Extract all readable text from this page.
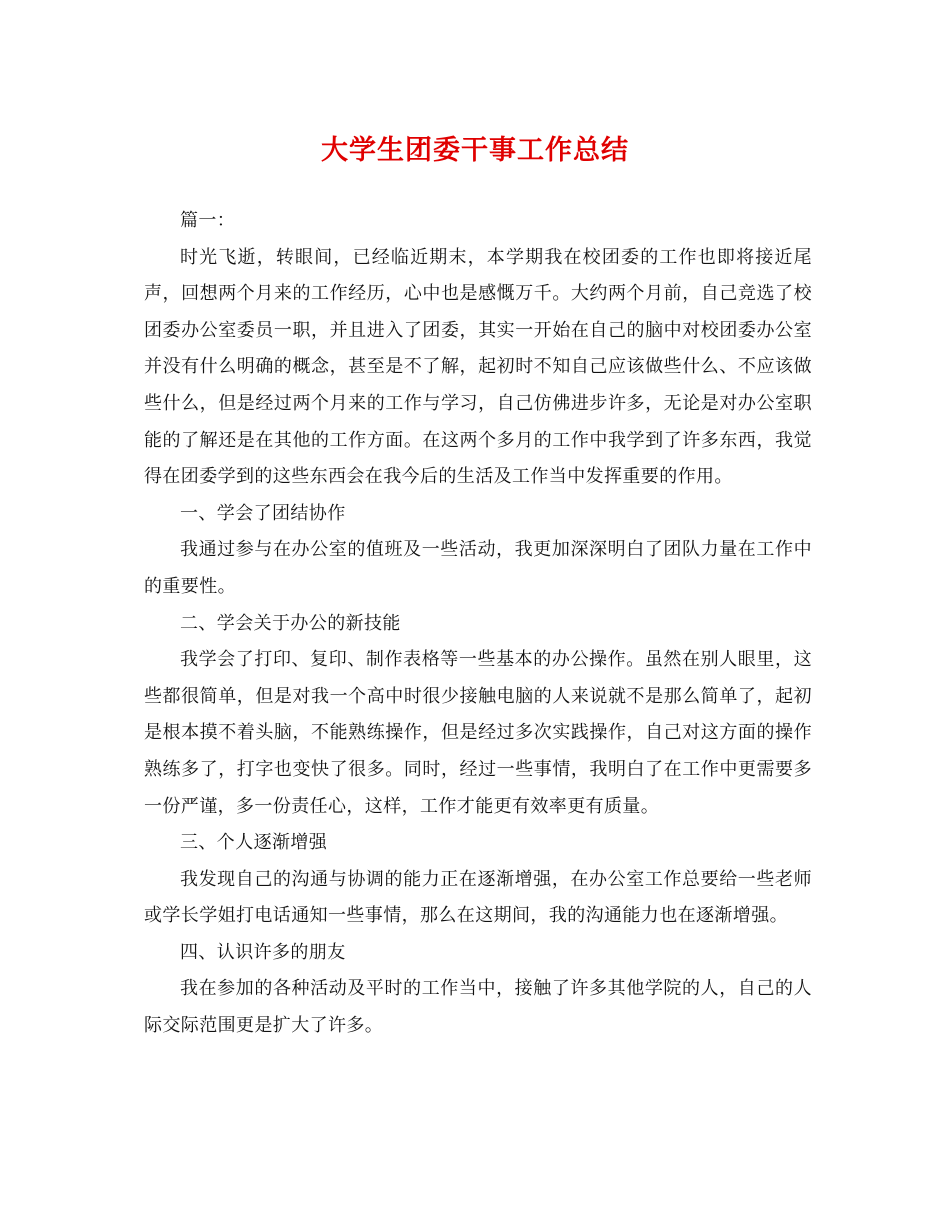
大学生团委干事工作总结

篇一：

时光飞逝，转眼间，已经临近期末，本学期我在校团委的工作也即将接近尾声，回想两个月来的工作经历，心中也是感慨万千。大约两个月前，自己竞选了校团委办公室委员一职，并且进入了团委，其实一开始在自己的脑中对校团委办公室并没有什么明确的概念，甚至是不了解，起初时不知自己应该做些什么、不应该做些什么，但是经过两个月来的工作与学习，自己仿佛进步许多，无论是对办公室职能的了解还是在其他的工作方面。在这两个多月的工作中我学到了许多东西，我觉得在团委学到的这些东西会在我今后的生活及工作当中发挥重要的作用。

一、学会了团结协作

我通过参与在办公室的值班及一些活动，我更加深深明白了团队力量在工作中的重要性。

二、学会关于办公的新技能

我学会了打印、复印、制作表格等一些基本的办公操作。虽然在别人眼里，这些都很简单，但是对我一个高中时很少接触电脑的人来说就不是那么简单了，起初是根本摸不着头脑，不能熟练操作，但是经过多次实践操作，自己对这方面的操作熟练多了，打字也变快了很多。同时，经过一些事情，我明白了在工作中更需要多一份严谨，多一份责任心，这样，工作才能更有效率更有质量。

三、个人逐渐增强

我发现自己的沟通与协调的能力正在逐渐增强，在办公室工作总要给一些老师或学长学姐打电话通知一些事情，那么在这期间，我的沟通能力也在逐渐增强。

四、认识许多的朋友

我在参加的各种活动及平时的工作当中，接触了许多其他学院的人，自己的人际交际范围更是扩大了许多。
